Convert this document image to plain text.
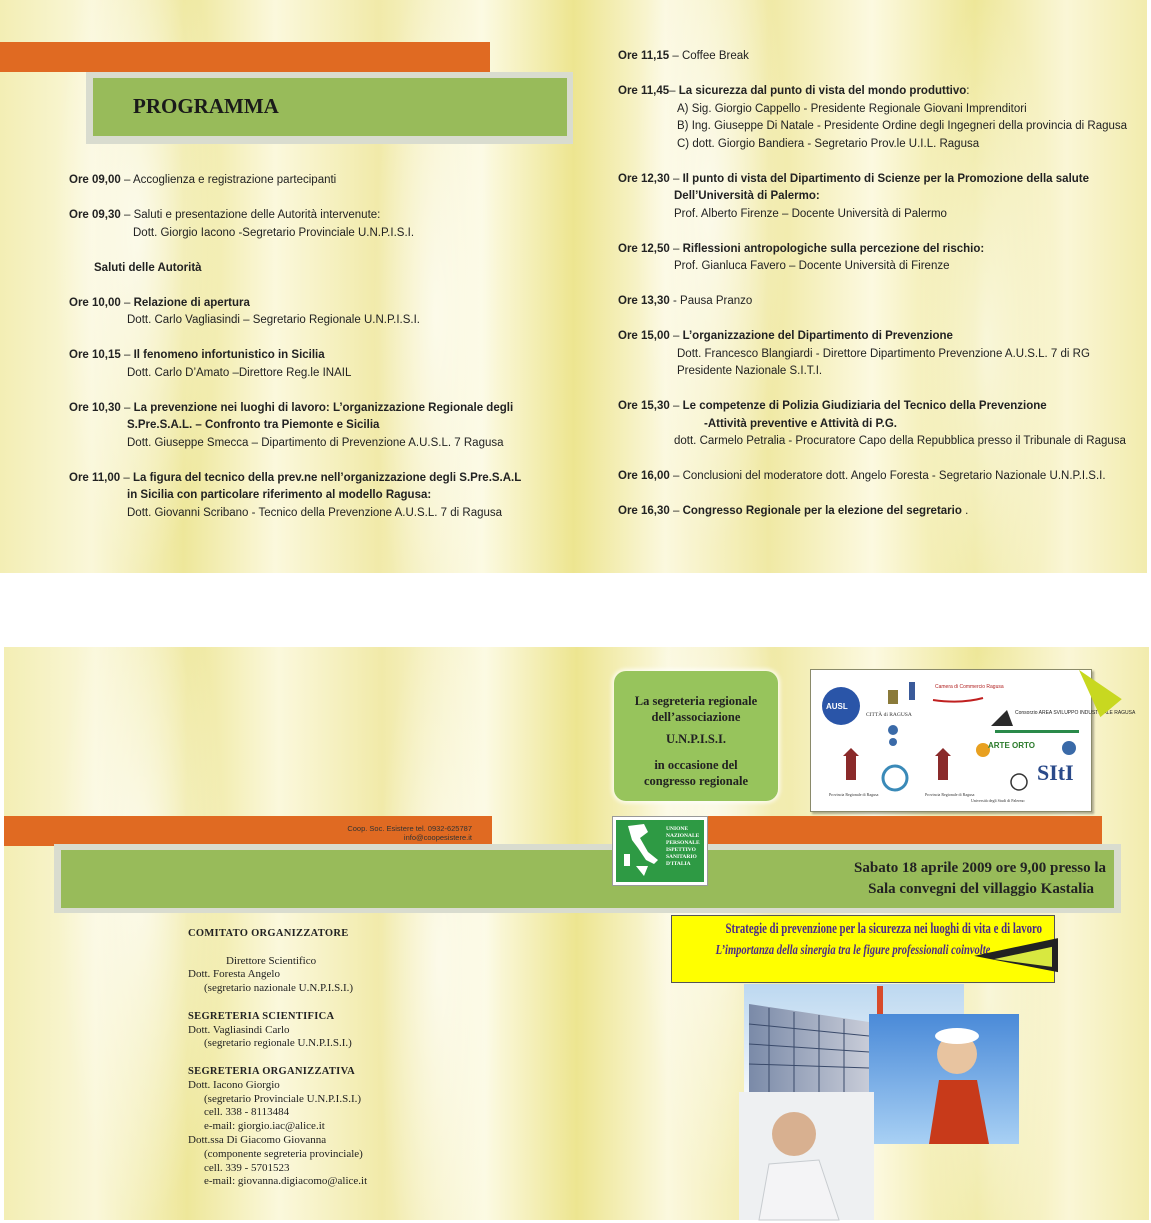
PROGRAMMA
Ore 09,00 – Accoglienza e registrazione partecipanti
Ore 09,30 – Saluti e presentazione delle Autorità intervenute:
Dott. Giorgio Iacono -Segretario Provinciale U.N.P.I.S.I.
Saluti delle Autorità
Ore 10,00 – Relazione di apertura
Dott. Carlo Vagliasindi – Segretario Regionale U.N.P.I.S.I.
Ore 10,15 – Il fenomeno infortunistico in Sicilia
Dott. Carlo D’Amato –Direttore Reg.le INAIL
Ore 10,30 – La prevenzione nei luoghi di lavoro: L’organizzazione Regionale degli
S.Pre.S.A.L. – Confronto tra Piemonte e Sicilia
Dott. Giuseppe Smecca – Dipartimento di Prevenzione A.U.S.L. 7 Ragusa
Ore 11,00 – La figura del tecnico della prev.ne nell’organizzazione degli S.Pre.S.A.L
in Sicilia con particolare riferimento al modello Ragusa:
Dott. Giovanni Scribano - Tecnico della Prevenzione A.U.S.L. 7 di Ragusa
Ore 11,15 – Coffee Break
Ore 11,45– La sicurezza dal punto di vista del mondo produttivo:
A) Sig. Giorgio Cappello - Presidente Regionale Giovani Imprenditori
B) Ing. Giuseppe Di Natale - Presidente Ordine degli Ingegneri della provincia di Ragusa
C) dott. Giorgio Bandiera - Segretario Prov.le U.I.L. Ragusa
Ore 12,30 – Il punto di vista del Dipartimento di Scienze per la Promozione della salute
Dell’Università di Palermo:
Prof. Alberto Firenze – Docente Università di Palermo
Ore 12,50 – Riflessioni antropologiche sulla percezione del rischio:
Prof. Gianluca Favero – Docente Università di Firenze
Ore 13,30 - Pausa Pranzo
Ore 15,00 – L’organizzazione del Dipartimento di Prevenzione
Dott. Francesco Blangiardi - Direttore Dipartimento Prevenzione A.U.S.L. 7 di RG
Presidente Nazionale S.I.T.I.
Ore 15,30 – Le competenze di Polizia Giudiziaria del Tecnico della Prevenzione
-Attività preventive e Attività di P.G.
dott. Carmelo Petralia - Procuratore Capo della Repubblica presso il Tribunale di Ragusa
Ore 16,00 – Conclusioni del moderatore dott. Angelo Foresta - Segretario Nazionale U.N.P.I.S.I.
Ore 16,30 – Congresso Regionale per la elezione del segretario .
La segreteria regionale
dell’associazione
U.N.P.I.S.I.
in occasione del
congresso regionale
AUSL
CITTÀ di RAGUSA
Camera di Commercio Ragusa
Consorzio AREA SVILUPPO INDUSTRIALE RAGUSA
ARTE ORTO
SItI
Provincia Regionale di Ragusa	Provincia Regionale di Ragusa
Università degli Studi di Palermo
Coop. Soc. Esistere tel. 0932-625787
info@coopesistere.it
Sabato 18 aprile 2009 ore 9,00 presso la
Sala convegni del villaggio Kastalia
UNIONE
NAZIONALE
PERSONALE
ISPETTIVO
SANITARIO
D'ITALIA
Strategie di prevenzione per la sicurezza nei luoghi di vita e di lavoro
L’importanza della sinergia tra le figure professionali coinvolte
COMITATO ORGANIZZATORE
Direttore Scientifico
Dott. Foresta Angelo
(segretario nazionale U.N.P.I.S.I.)
SEGRETERIA SCIENTIFICA
Dott. Vagliasindi Carlo
(segretario regionale U.N.P.I.S.I.)
SEGRETERIA ORGANIZZATIVA
Dott. Iacono Giorgio
(segretario Provinciale U.N.P.I.S.I.)
cell. 338 - 8113484
e-mail: giorgio.iac@alice.it
Dott.ssa Di Giacomo Giovanna
(componente segreteria provinciale)
cell. 339 - 5701523
e-mail: giovanna.digiacomo@alice.it
